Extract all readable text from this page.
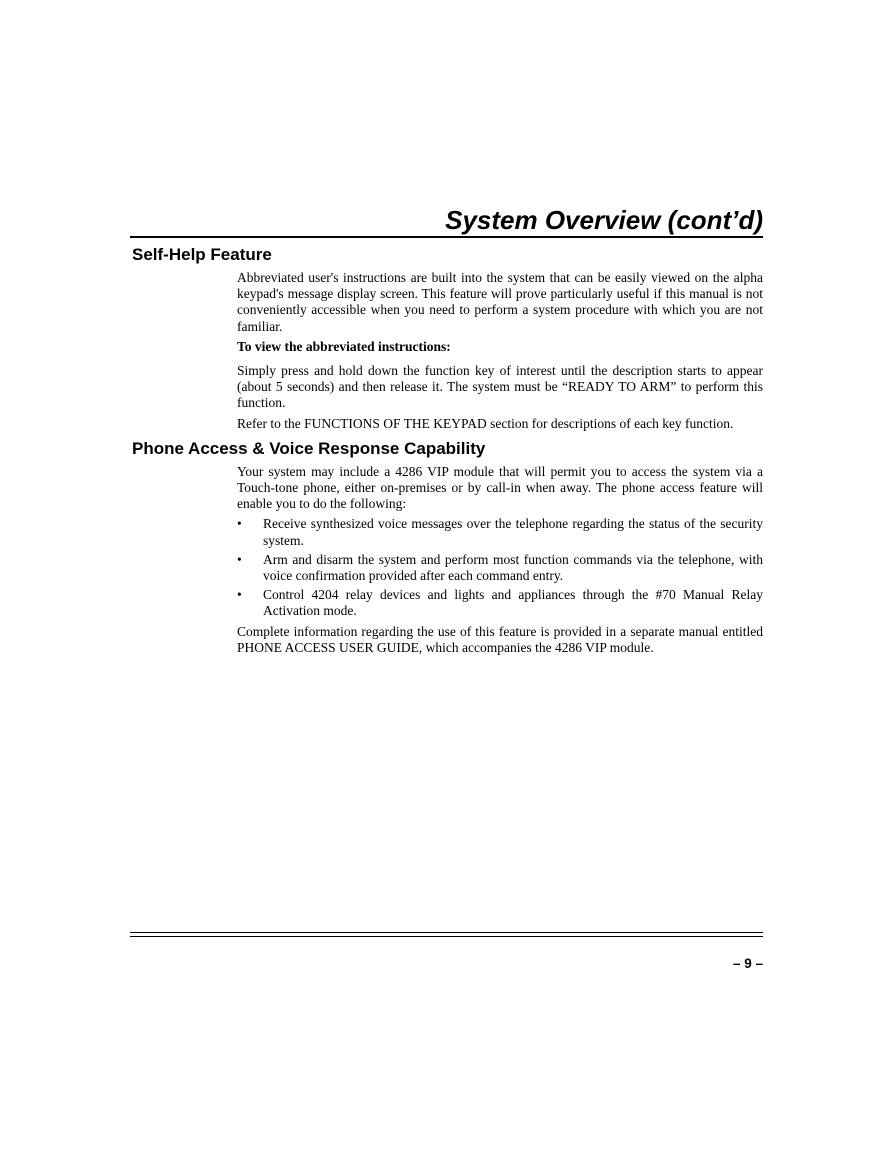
System Overview (cont’d)
Self-Help Feature

Abbreviated user's instructions are built into the system that can be easily viewed on the alpha keypad's message display screen. This feature will prove particularly useful if this manual is not conveniently accessible when you need to perform a system procedure with which you are not familiar.

To view the abbreviated instructions:

Simply press and hold down the function key of interest until the description starts to appear (about 5 seconds) and then release it. The system must be “READY TO ARM” to perform this function.

Refer to the FUNCTIONS OF THE KEYPAD section for descriptions of each key function.

Phone Access & Voice Response Capability

Your system may include a 4286 VIP module that will permit you to access the system via a Touch-tone phone, either on-premises or by call-in when away. The phone access feature will enable you to do the following:

• Receive synthesized voice messages over the telephone regarding the status of the security system.
• Arm and disarm the system and perform most function commands via the telephone, with voice confirmation provided after each command entry.
• Control 4204 relay devices and lights and appliances through the #70 Manual Relay Activation mode.

Complete information regarding the use of this feature is provided in a separate manual entitled PHONE ACCESS USER GUIDE, which accompanies the 4286 VIP module.

– 9 –
